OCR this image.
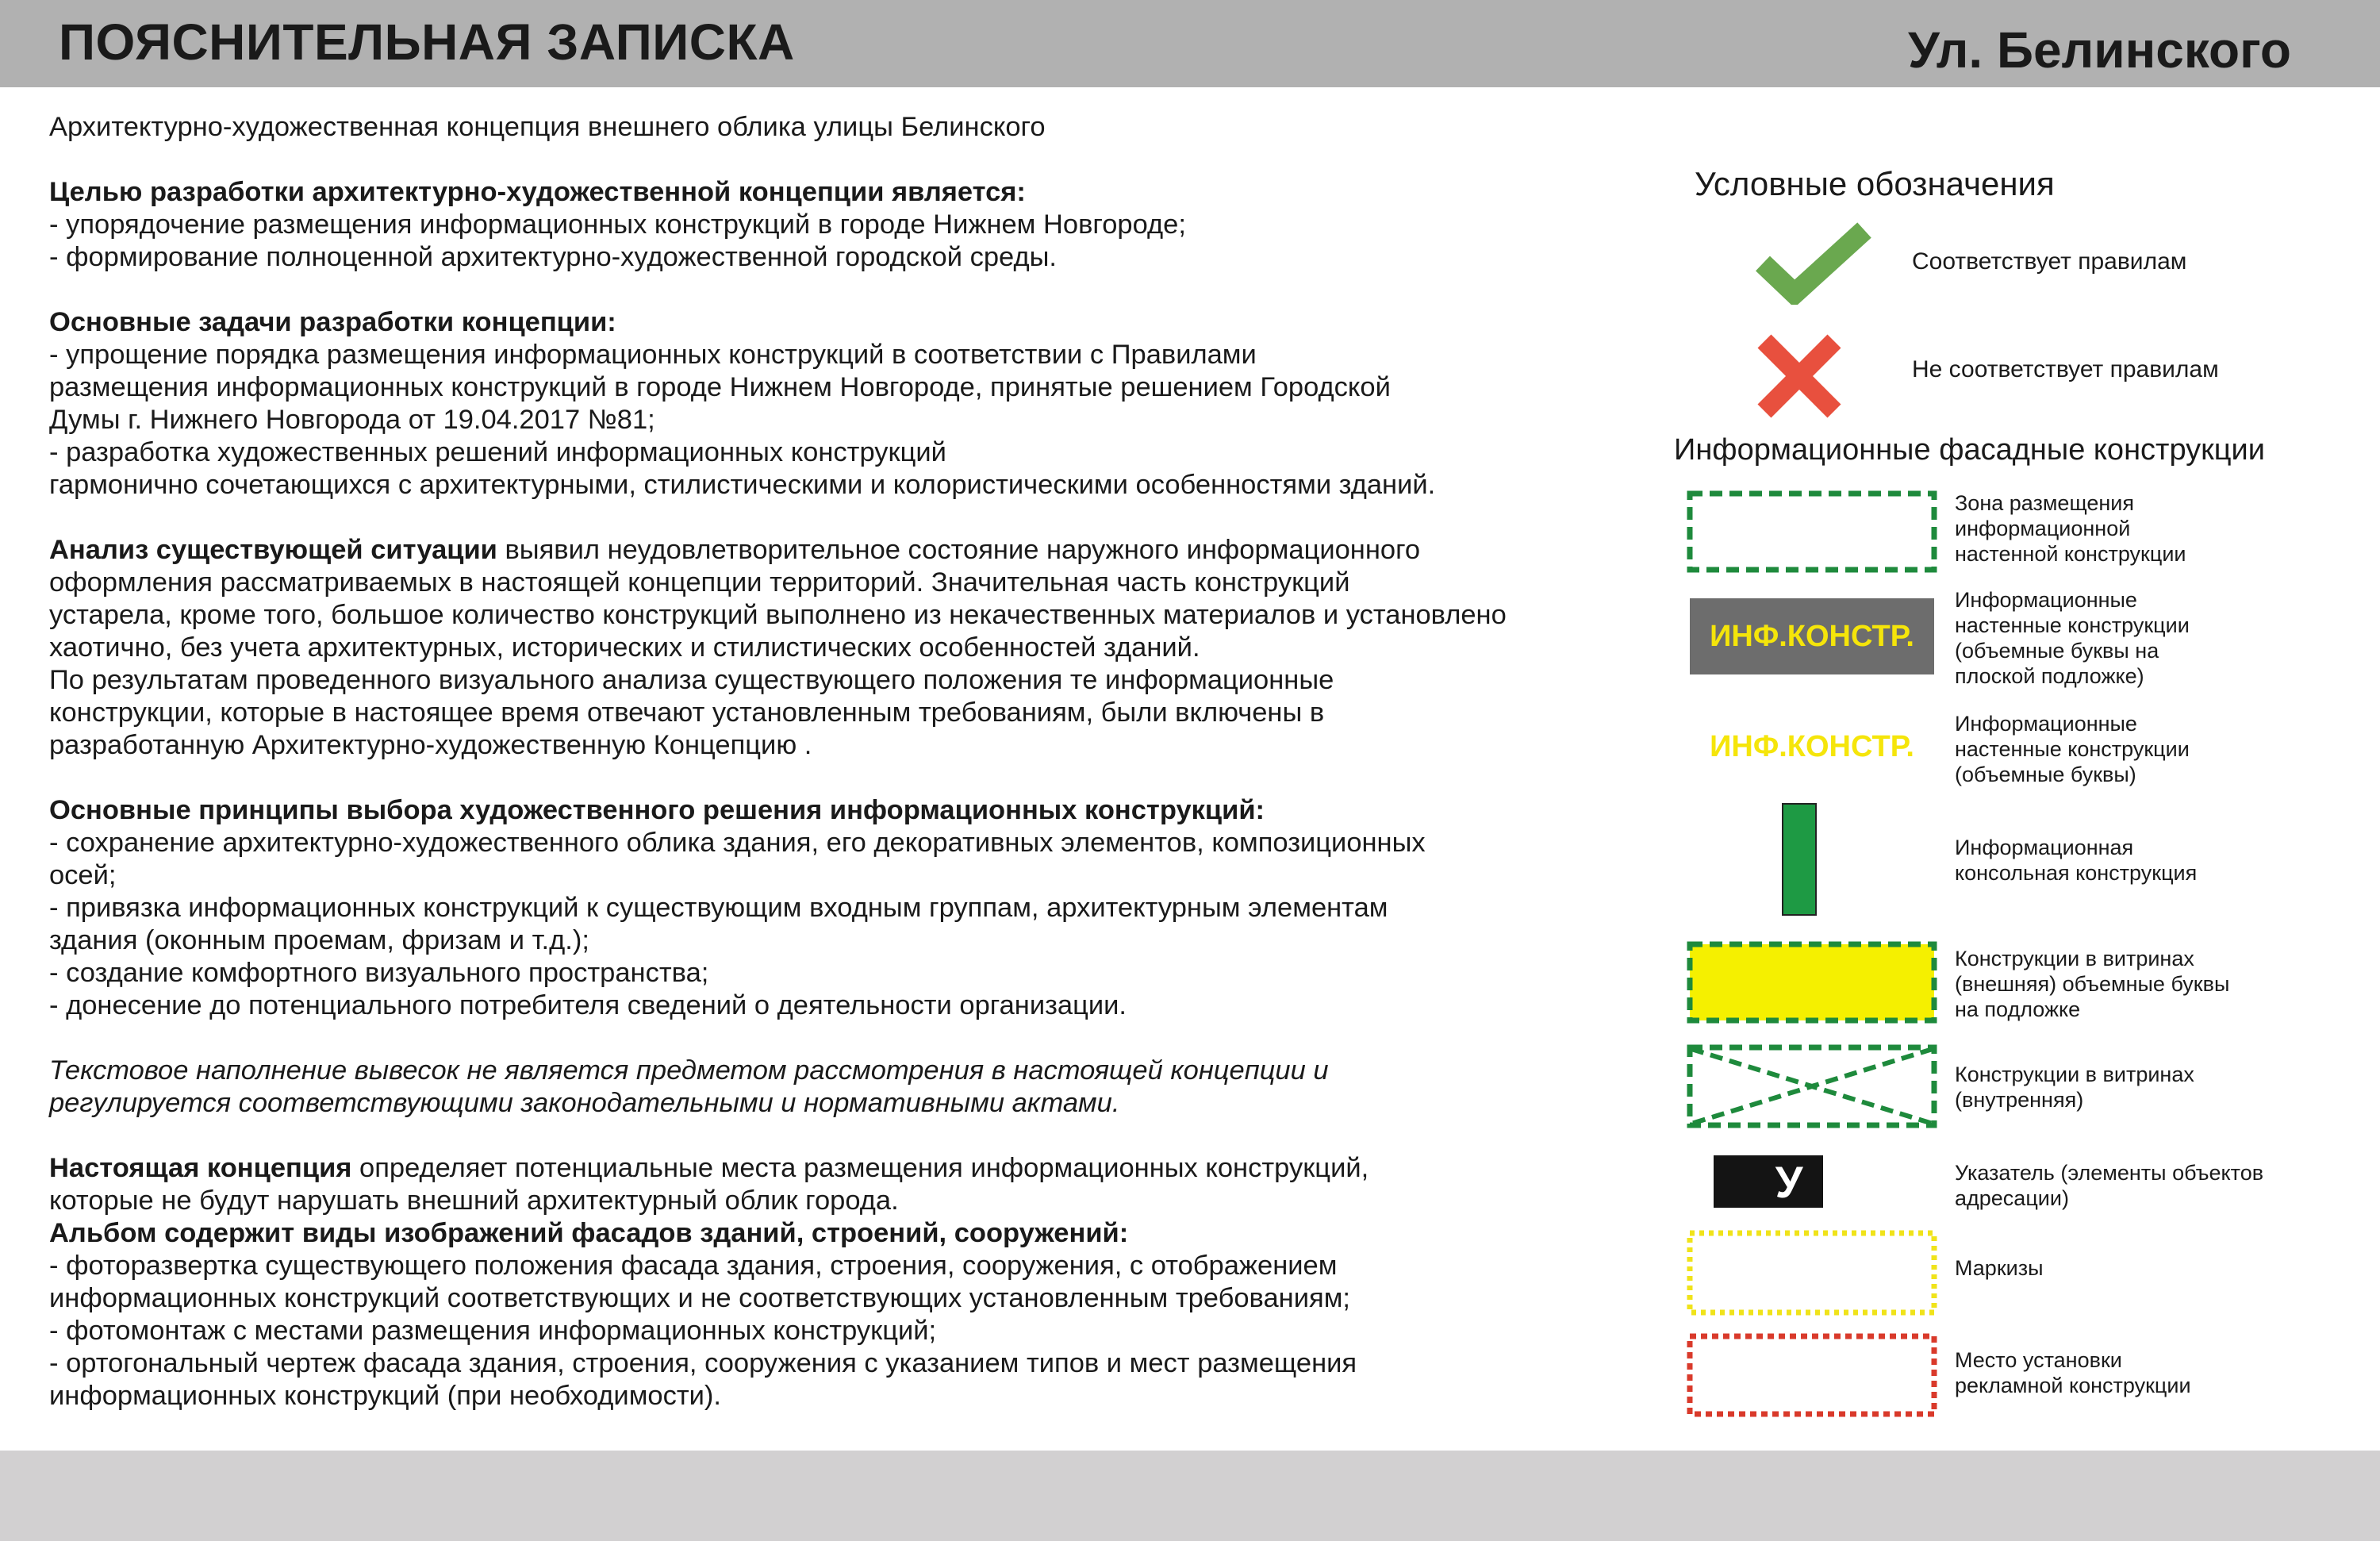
ПОЯСНИТЕЛЬНАЯ ЗАПИСКА	Ул. Белинского

Архитектурно-художественная концепция внешнего облика улицы Белинского

Целью разработки архитектурно-художественной концепции является:

- упорядочение размещения информационных конструкций в городе Нижнем Новгороде;
- формирование полноценной архитектурно-художественной городской среды.

Основные задачи разработки концепции:

- упрощение порядка размещения информационных конструкций в соответствии с Правилами
размещения информационных конструкций в городе Нижнем Новгороде, принятые решением Городской
Думы г. Нижнего Новгорода от 19.04.2017 №81;
- разработка художественных решений информационных конструкций
гармонично сочетающихся с архитектурными, стилистическими и колористическими особенностями зданий.

Анализ существующей ситуации выявил неудовлетворительное состояние наружного информационного
оформления рассматриваемых в настоящей концепции территорий. Значительная часть конструкций
устарела, кроме того, большое количество конструкций выполнено из некачественных материалов и установлено
хаотично, без учета архитектурных, исторических и стилистических особенностей зданий.
По результатам проведенного визуального анализа существующего положения те информационные
конструкции, которые в настоящее время отвечают установленным требованиям, были включены в
разработанную Архитектурно-художественную Концепцию .

Основные принципы выбора художественного решения информационных конструкций:

- сохранение архитектурно-художественного облика здания, его декоративных элементов, композиционных
осей;
- привязка информационных конструкций к существующим входным группам, архитектурным элементам
здания (оконным проемам, фризам и т.д.);
- создание комфортного визуального пространства;
- донесение до потенциального потребителя сведений о деятельности организации.

Текстовое наполнение вывесок не является предметом рассмотрения в настоящей концепции и
регулируется соответствующими законодательными и нормативными актами.

Настоящая концепция определяет потенциальные места размещения информационных конструкций,
которые не будут нарушать внешний архитектурный облик города.

Альбом содержит виды изображений фасадов зданий, строений, сооружений:

- фоторазвертка существующего положения фасада здания, строения, сооружения, с отображением
информационных конструкций соответствующих и не соответствующих установленным требованиям;
- фотомонтаж с местами размещения информационных конструкций;
- ортогональный чертеж фасада здания, строения, сооружения с указанием типов и мест размещения
информационных конструкций (при необходимости).

Условные обозначения
Соответствует правилам
Не соответствует правилам
Информационные фасадные конструкции
Зона размещения
информационной
настенной конструкции
ИНФ.КОНСТР.
Информационные
настенные конструкции
(объемные буквы на
плоской подложке)
ИНФ.КОНСТР.
Информационные
настенные конструкции
(объемные буквы)
Информационная
консольная конструкция
Конструкции в витринах
(внешняя) объемные буквы
на подложке
Конструкции в витринах
(внутренняя)
У	Указатель (элементы объектов
адресации)
Маркизы
Место установки
рекламной конструкции
